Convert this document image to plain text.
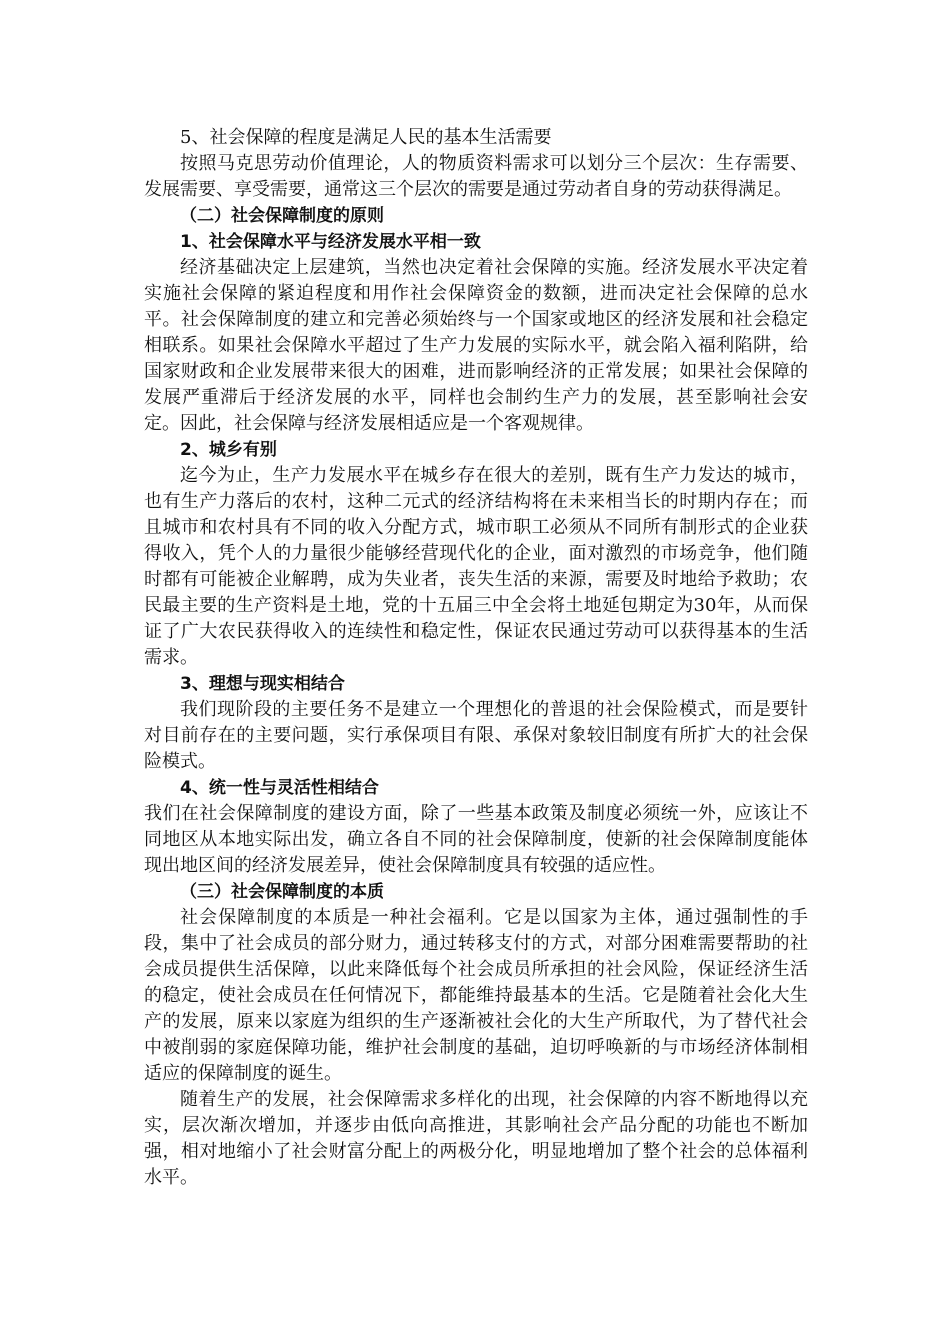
5、社会保障的程度是满足人民的基本生活需要

按照马克思劳动价值理论，人的物质资料需求可以划分三个层次：生存需要、发展需要、享受需要，通常这三个层次的需要是通过劳动者自身的劳动获得满足。

（二）社会保障制度的原则

1、社会保障水平与经济发展水平相一致

经济基础决定上层建筑，当然也决定着社会保障的实施。经济发展水平决定着实施社会保障的紧迫程度和用作社会保障资金的数额，进而决定社会保障的总水平。社会保障制度的建立和完善必须始终与一个国家或地区的经济发展和社会稳定相联系。如果社会保障水平超过了生产力发展的实际水平，就会陷入福利陷阱，给国家财政和企业发展带来很大的困难，进而影响经济的正常发展；如果社会保障的发展严重滞后于经济发展的水平，同样也会制约生产力的发展，甚至影响社会安定。因此，社会保障与经济发展相适应是一个客观规律。

2、城乡有别

迄今为止，生产力发展水平在城乡存在很大的差别，既有生产力发达的城市，也有生产力落后的农村，这种二元式的经济结构将在未来相当长的时期内存在；而且城市和农村具有不同的收入分配方式，城市职工必须从不同所有制形式的企业获得收入，凭个人的力量很少能够经营现代化的企业，面对激烈的市场竞争，他们随时都有可能被企业解聘，成为失业者，丧失生活的来源，需要及时地给予救助；农民最主要的生产资料是土地，党的十五届三中全会将土地延包期定为30年，从而保证了广大农民获得收入的连续性和稳定性，保证农民通过劳动可以获得基本的生活需求。

3、理想与现实相结合

我们现阶段的主要任务不是建立一个理想化的普退的社会保险模式，而是要针对目前存在的主要问题，实行承保项目有限、承保对象较旧制度有所扩大的社会保险模式。

4、统一性与灵活性相结合

我们在社会保障制度的建设方面，除了一些基本政策及制度必须统一外，应该让不同地区从本地实际出发，确立各自不同的社会保障制度，使新的社会保障制度能体现出地区间的经济发展差异，使社会保障制度具有较强的适应性。

（三）社会保障制度的本质

社会保障制度的本质是一种社会福利。它是以国家为主体，通过强制性的手段，集中了社会成员的部分财力，通过转移支付的方式，对部分困难需要帮助的社会成员提供生活保障，以此来降低每个社会成员所承担的社会风险，保证经济生活的稳定，使社会成员在任何情况下，都能维持最基本的生活。它是随着社会化大生产的发展，原来以家庭为组织的生产逐渐被社会化的大生产所取代，为了替代社会中被削弱的家庭保障功能，维护社会制度的基础，迫切呼唤新的与市场经济体制相适应的保障制度的诞生。

随着生产的发展，社会保障需求多样化的出现，社会保障的内容不断地得以充实，层次渐次增加，并逐步由低向高推进，其影响社会产品分配的功能也不断加强，相对地缩小了社会财富分配上的两极分化，明显地增加了整个社会的总体福利水平。
